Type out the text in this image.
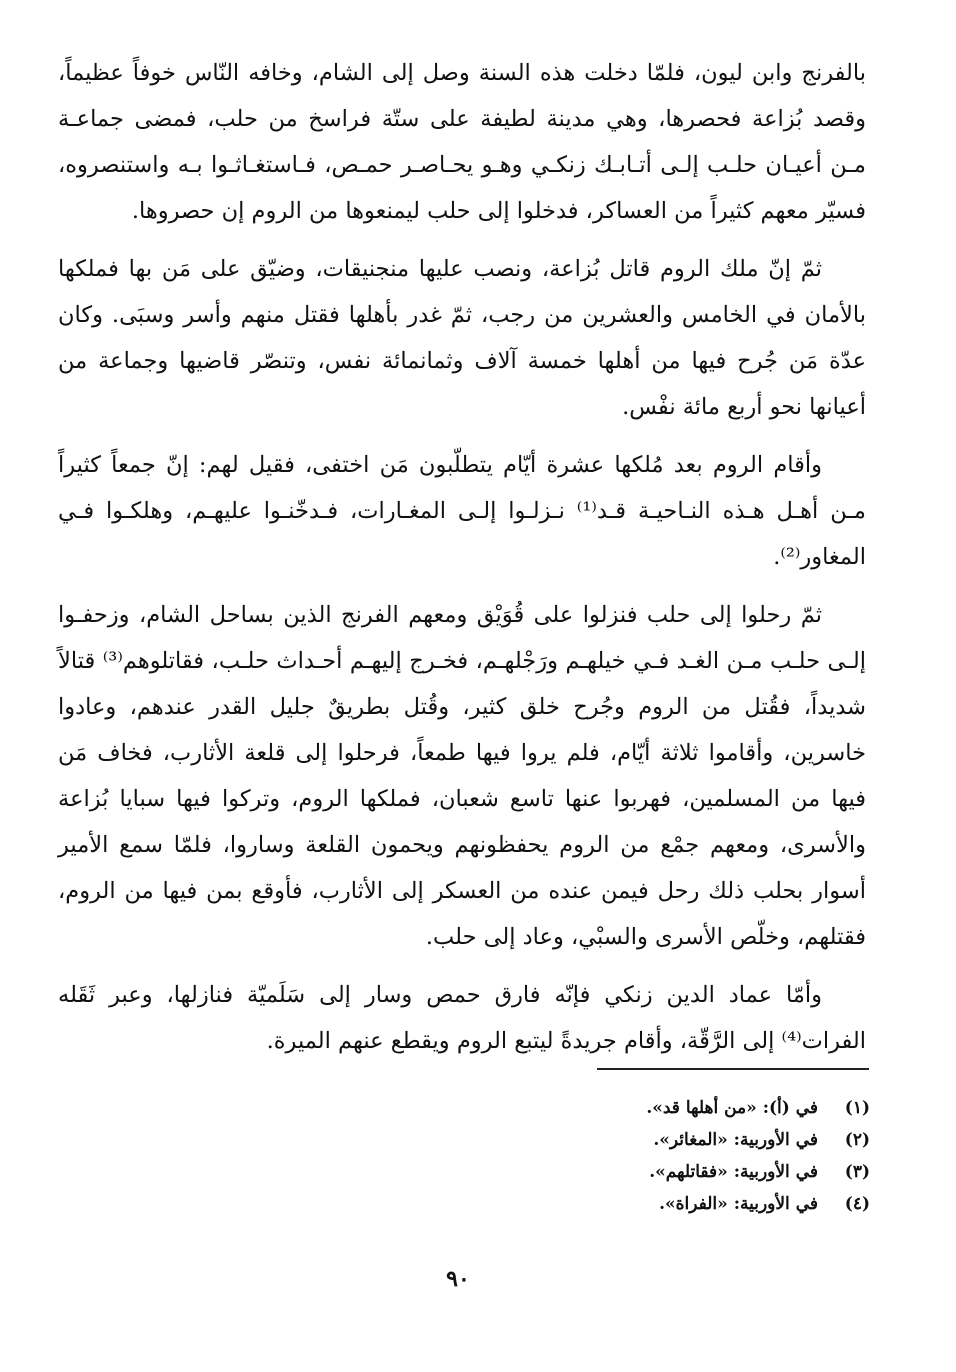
بالفرنج وابن ليون، فلمّا دخلت هذه السنة وصل إلى الشام، وخافه النّاس خوفاً عظيماً، وقصد بُزاعة فحصرها، وهي مدينة لطيفة على ستّة فراسخ من حلب، فمضى جماعـة مـن أعيـان حلـب إلـى أتـابـك زنكـي وهـو يحـاصـر حمـص، فـاستغـاثـوا بـه واستنصروه، فسيّر معهم كثيراً من العساكر، فدخلوا إلى حلب ليمنعوها من الروم إن حصروها.

ثمّ إنّ ملك الروم قاتل بُزاعة، ونصب عليها منجنيقات، وضيّق على مَن بها فملكها بالأمان في الخامس والعشرين من رجب، ثمّ غدر بأهلها فقتل منهم وأسر وسبَى. وكان عدّة مَن جُرح فيها من أهلها خمسة آلاف وثمانمائة نفس، وتنصّر قاضيها وجماعة من أعيانها نحو أربع مائة نفْس.

وأقام الروم بعد مُلكها عشرة أيّام يتطلّبون مَن اختفى، فقيل لهم: إنّ جمعاً كثيراً مـن أهـل هـذه النـاحيـة قـد⁽¹⁾ نـزلـوا إلـى المغـارات، فـدخّنـوا عليهـم، وهلكـوا فـي المغاور⁽²⁾.

ثمّ رحلوا إلى حلب فنزلوا على قُوَيْق ومعهم الفرنج الذين بساحل الشام، وزحفـوا إلـى حلـب مـن الغـد فـي خيلهـم ورَجْلهـم، فخـرج إليهـم أحـداث حلـب، فقاتلوهم⁽³⁾ قتالاً شديداً، فقُتل من الروم وجُرح خلق كثير، وقُتل بطريقٌ جليل القدر عندهم، وعادوا خاسرين، وأقاموا ثلاثة أيّام، فلم يروا فيها طمعاً، فرحلوا إلى قلعة الأثارب، فخاف مَن فيها من المسلمين، فهربوا عنها تاسع شعبان، فملكها الروم، وتركوا فيها سبايا بُزاعة والأسرى، ومعهم جمْع من الروم يحفظونهم ويحمون القلعة وساروا، فلمّا سمع الأمير أسوار بحلب ذلك رحل فيمن عنده من العسكر إلى الأثارب، فأوقع بمن فيها من الروم، فقتلهم، وخلّص الأسرى والسبْي، وعاد إلى حلب.

وأمّا عماد الدين زنكي فإنّه فارق حمص وسار إلى سَلَميّة فنازلها، وعبر ثَقَله الفرات⁽⁴⁾ إلى الرَّقّة، وأقام جريدةً ليتبع الروم ويقطع عنهم الميرة.

(١)
في (أ): «من أهلها قد».
(٢)
في الأوربية: «المغائر».
(٣)
في الأوربية: «فقاتلهم».
(٤)
في الأوربية: «الفراة».
٩٠
